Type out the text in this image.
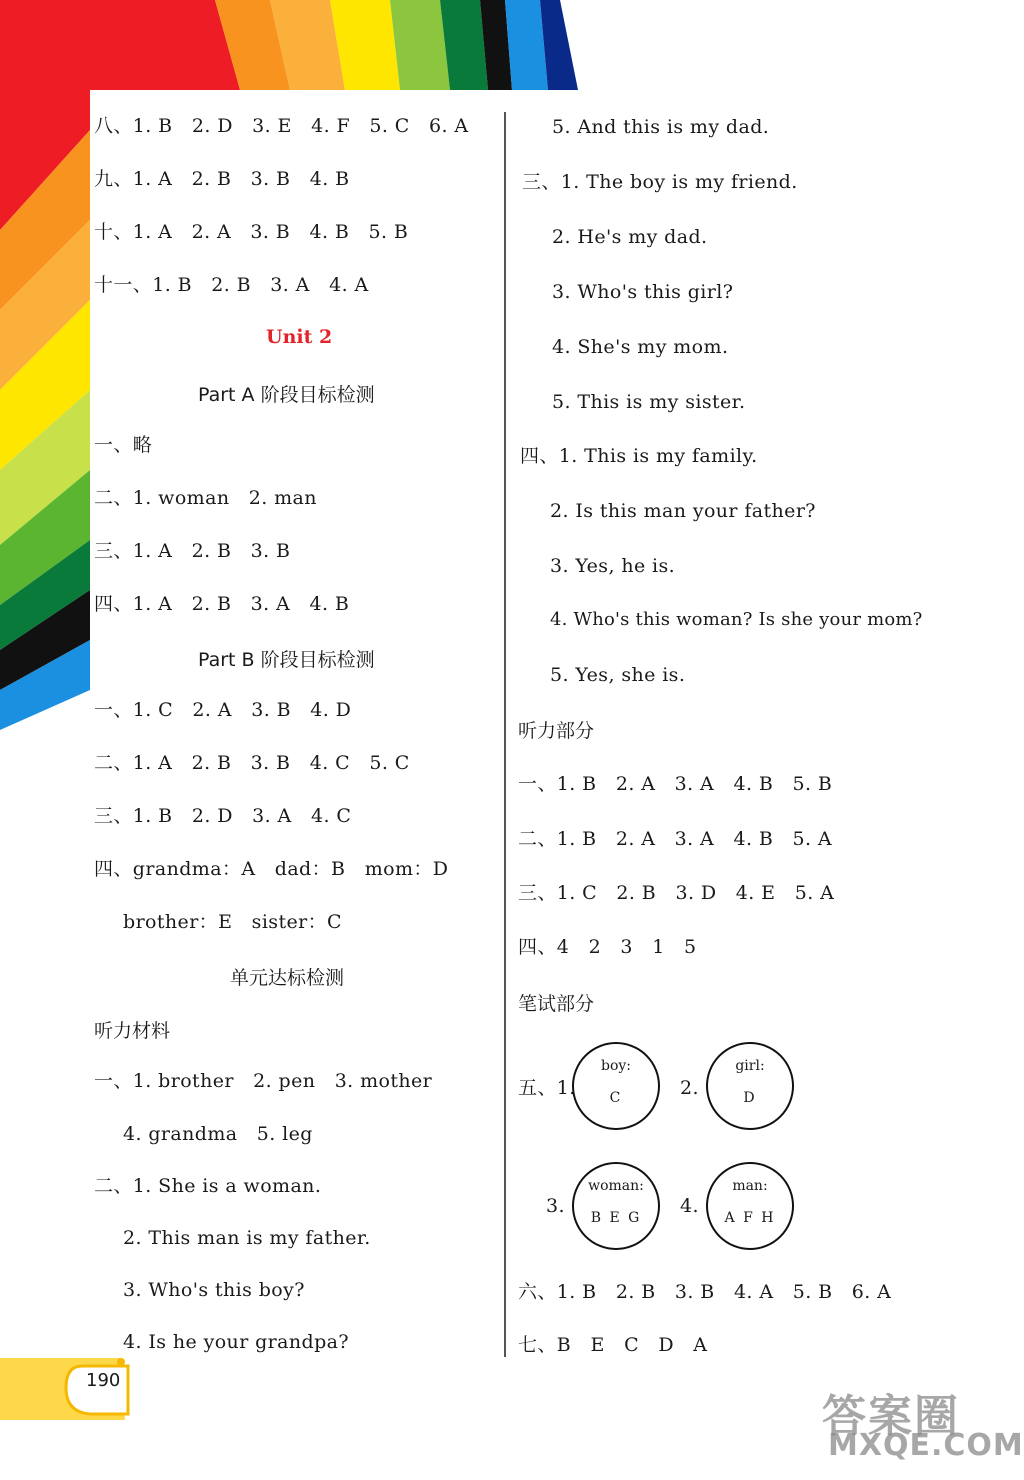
八、1. B   2. D   3. E   4. F   5. C   6. A
九、1. A   2. B   3. B   4. B
十、1. A   2. A   3. B   4. B   5. B
十一、1. B   2. B   3. A   4. A
Unit 2
Part A 阶段目标检测
一、略
二、1. woman   2. man
三、1. A   2. B   3. B
四、1. A   2. B   3. A   4. B
Part B 阶段目标检测
一、1. C   2. A   3. B   4. D
二、1. A   2. B   3. B   4. C   5. C
三、1. B   2. D   3. A   4. C
四、grandma：A   dad：B   mom：D
brother：E   sister：C
单元达标检测
听力材料
一、1. brother   2. pen   3. mother
4. grandma   5. leg
二、1. She is a woman.
2. This man is my father.
3. Who's this boy?
4. Is he your grandpa?
5. And this is my dad.
三、1. The boy is my friend.
2. He's my dad.
3. Who's this girl?
4. She's my mom.
5. This is my sister.
四、1. This is my family.
2. Is this man your father?
3. Yes, he is.
4. Who's this woman? Is she your mom?
5. Yes, she is.
听力部分
一、1. B   2. A   3. A   4. B   5. B
二、1. B   2. A   3. A   4. B   5. A
三、1. C   2. B   3. D   4. E   5. A
四、4   2   3   1   5
笔试部分
五、1.
boy:
C	2.
girl:
D
3.
woman:
B E G
4.
man:
A F H
六、1. B   2. B   3. B   4. A   5. B   6. A
七、B   E   C   D   A
190
答案圈
MXQE.COM
